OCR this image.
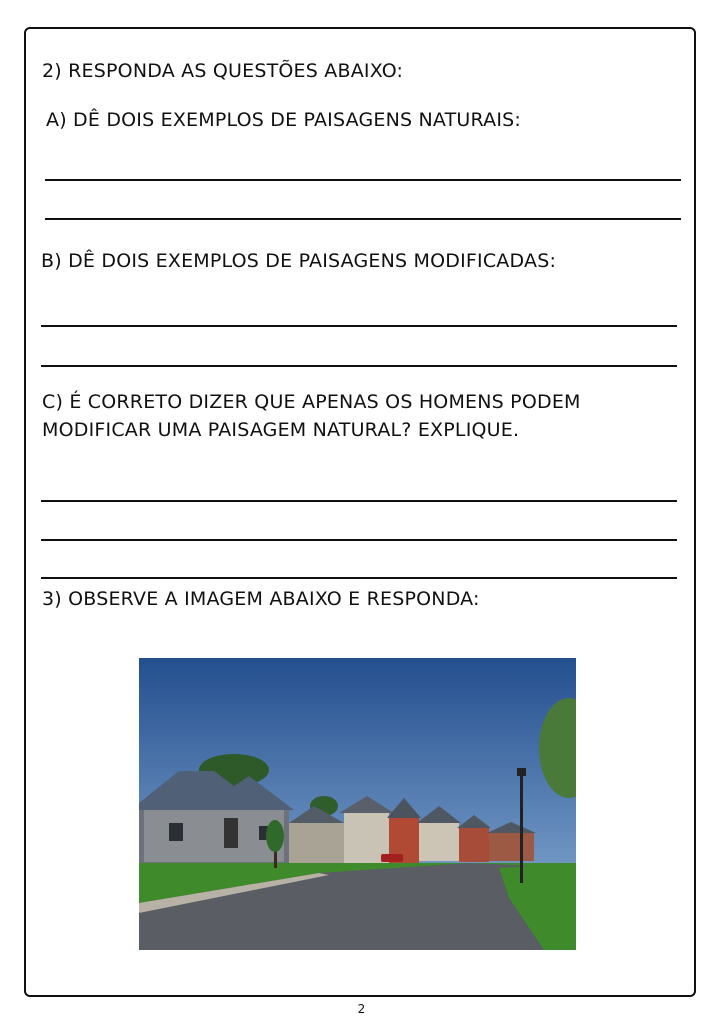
2) RESPONDA AS QUESTÕES ABAIXO:
A) DÊ DOIS EXEMPLOS DE PAISAGENS NATURAIS:
B) DÊ DOIS EXEMPLOS DE PAISAGENS MODIFICADAS:
C) É CORRETO DIZER QUE APENAS OS HOMENS PODEM
MODIFICAR UMA PAISAGEM NATURAL? EXPLIQUE.
3) OBSERVE A IMAGEM ABAIXO E RESPONDA:
2
